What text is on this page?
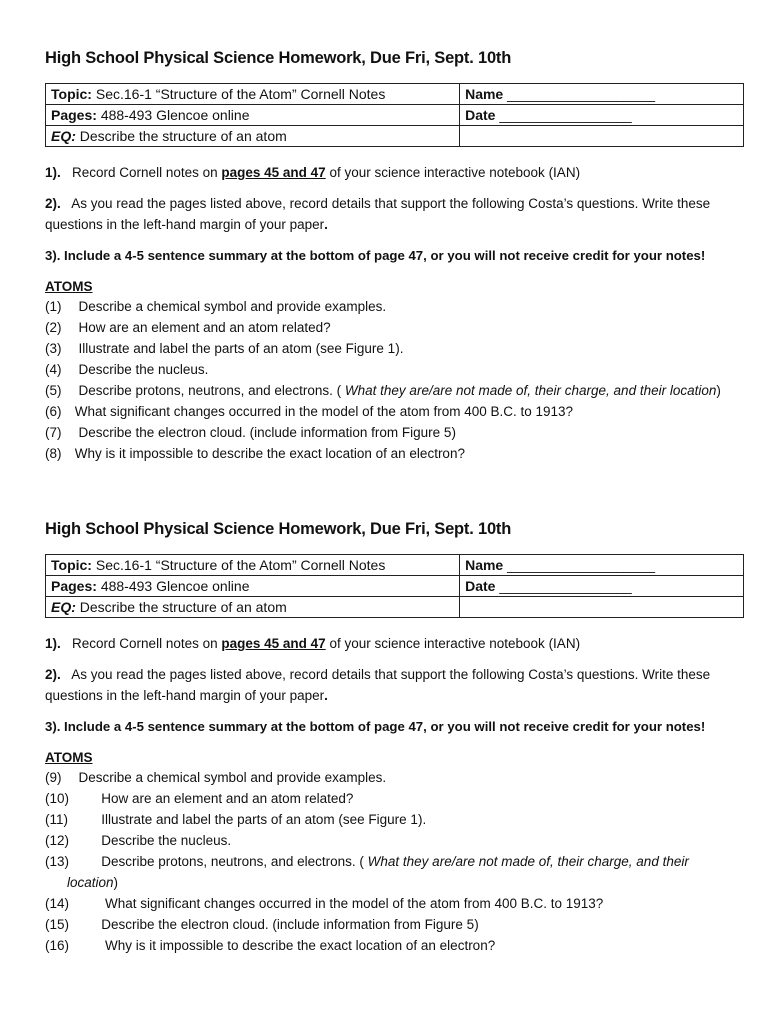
High School Physical Science Homework, Due Fri, Sept. 10th
Topic: Sec.16-1 “Structure of the Atom” Cornell Notes	Name ___________________
Pages: 488-493 Glencoe online	Date _________________
EQ: Describe the structure of an atom	

1). Record Cornell notes on pages 45 and 47 of your science interactive notebook (IAN)

2). As you read the pages listed above, record details that support the following Costa’s questions. Write these questions in the left-hand margin of your paper.

3). Include a 4-5 sentence summary at the bottom of page 47, or you will not receive credit for your notes!

ATOMS
(1) Describe a chemical symbol and provide examples.
(2) How are an element and an atom related?
(3) Illustrate and label the parts of an atom (see Figure 1).
(4) Describe the nucleus.
(5) Describe protons, neutrons, and electrons. ( What they are/are not made of, their charge, and their location)
(6) What significant changes occurred in the model of the atom from 400 B.C. to 1913?
(7) Describe the electron cloud. (include information from Figure 5)
(8) Why is it impossible to describe the exact location of an electron?
High School Physical Science Homework, Due Fri, Sept. 10th
Topic: Sec.16-1 “Structure of the Atom” Cornell Notes	Name ___________________
Pages: 488-493 Glencoe online	Date _________________
EQ: Describe the structure of an atom	

1). Record Cornell notes on pages 45 and 47 of your science interactive notebook (IAN)

2). As you read the pages listed above, record details that support the following Costa’s questions. Write these questions in the left-hand margin of your paper.

3). Include a 4-5 sentence summary at the bottom of page 47, or you will not receive credit for your notes!

ATOMS
(9) Describe a chemical symbol and provide examples.
(10) How are an element and an atom related?
(11) Illustrate and label the parts of an atom (see Figure 1).
(12) Describe the nucleus.
(13) Describe protons, neutrons, and electrons. ( What they are/are not made of, their charge, and their
location)
(14)	What significant changes occurred in the model of the atom from 400 B.C. to 1913?
(15) Describe the electron cloud. (include information from Figure 5)
(16)	Why is it impossible to describe the exact location of an electron?
